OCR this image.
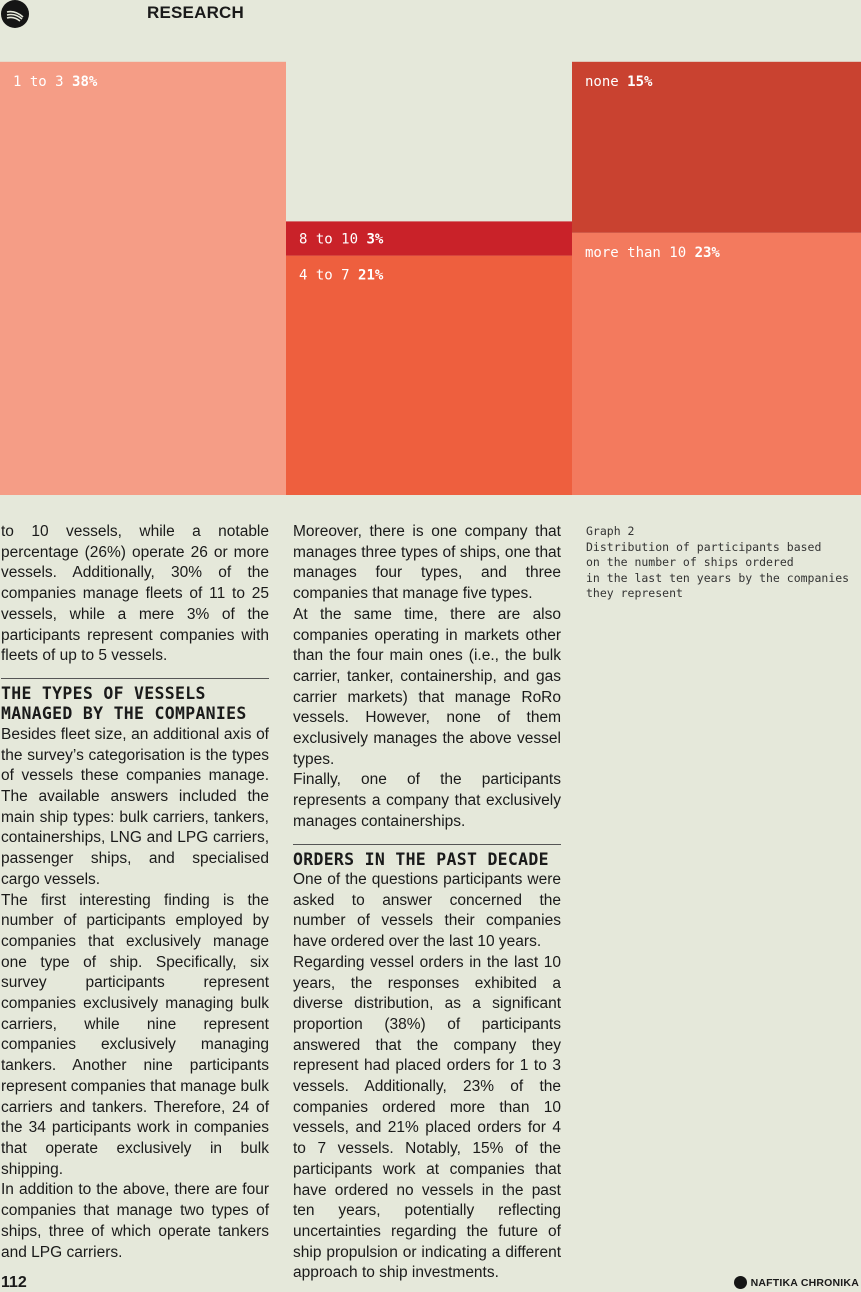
RESEARCH
1 to 3 38%
4 to 7 21%
8 to 10 3%
more than 10 23%
none 15%

to 10 vessels, while a notable percentage (26%) operate 26 or more vessels. Additionally, 30% of the companies manage fleets of 11 to 25 vessels, while a mere 3% of the participants represent companies with fleets of up to 5 vessels.

THE TYPES OF VESSELS MANAGED BY THE COMPANIES

Besides fleet size, an additional axis of the survey’s categorisation is the types of vessels these companies manage. The available answers included the main ship types: bulk carriers, tankers, containerships, LNG and LPG carriers, passenger ships, and specialised cargo vessels.

The first interesting finding is the number of participants employed by companies that exclusively manage one type of ship. Specifically, six survey participants represent companies exclusively managing bulk carriers, while nine represent companies exclusively managing tankers. Another nine participants represent companies that manage bulk carriers and tankers. Therefore, 24 of the 34 participants work in companies that operate exclusively in bulk shipping.

In addition to the above, there are four companies that manage two types of ships, three of which operate tankers and LPG carriers.

Moreover, there is one company that manages three types of ships, one that manages four types, and three companies that manage five types.

At the same time, there are also companies operating in markets other than the four main ones (i.e., the bulk carrier, tanker, containership, and gas carrier markets) that manage RoRo vessels. However, none of them exclusively manages the above vessel types.

Finally, one of the participants represents a company that exclusively manages containerships.

ORDERS IN THE PAST DECADE

One of the questions participants were asked to answer concerned the number of vessels their companies have ordered over the last 10 years.

Regarding vessel orders in the last 10 years, the responses exhibited a diverse distribution, as a significant proportion (38%) of participants answered that the company they represent had placed orders for 1 to 3 vessels. Additionally, 23% of the companies ordered more than 10 vessels, and 21% placed orders for 4 to 7 vessels. Notably, 15% of the participants work at companies that have ordered no vessels in the past ten years, potentially reflecting uncertainties regarding the future of ship propulsion or indicating a different approach to ship investments.

Graph 2
Distribution of participants based
on the number of ships ordered
in the last ten years by the companies
they represent
112	NAFTIKA CHRONIKA
